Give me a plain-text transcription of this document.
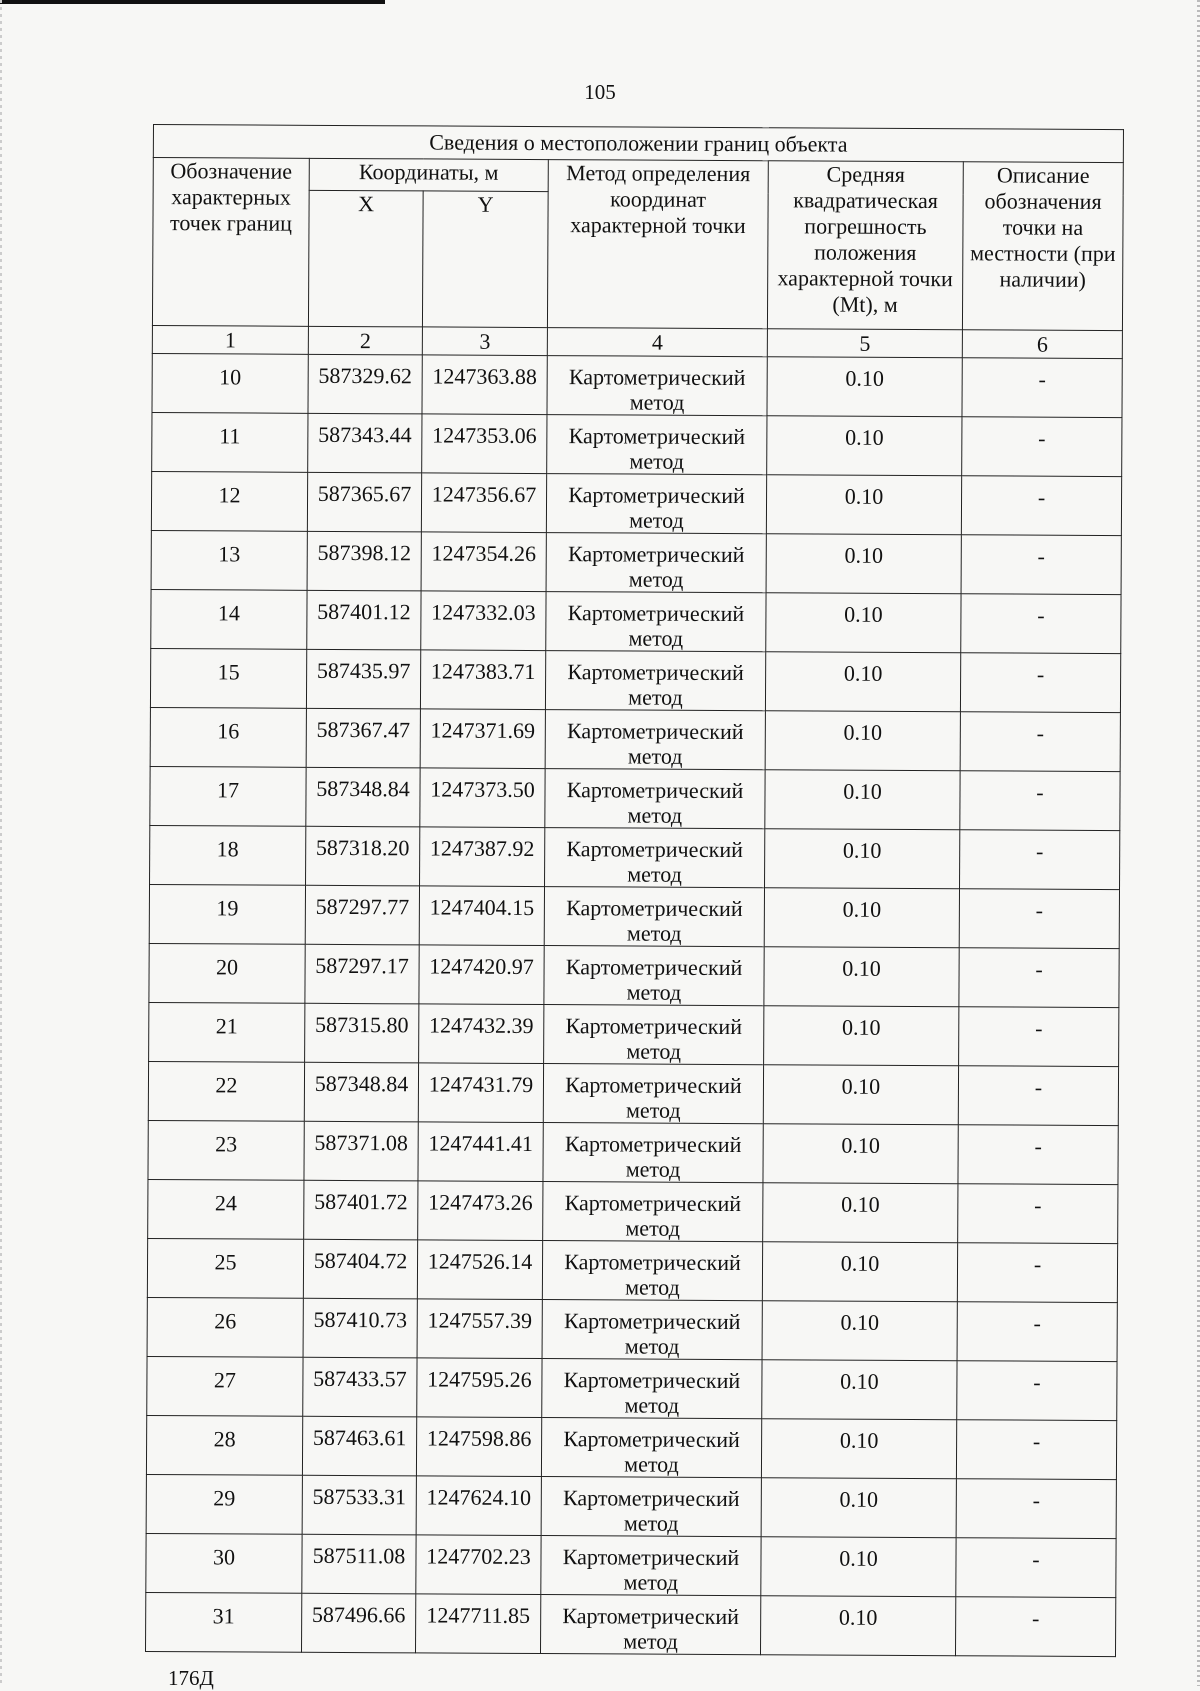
105
Сведения о местоположении границ объекта					
Обозначение характерных точек границ	Координаты, м		Метод определения координат характерной точки	Средняя квадратическая погрешность положения характерной точки (Mt), м	Описание обозначения точки на местности (при наличии)
	X	Y			
1	2	3	4	5	6
10	587329.62	1247363.88	Картометрический метод	0.10	-
11	587343.44	1247353.06	Картометрический метод	0.10	-
12	587365.67	1247356.67	Картометрический метод	0.10	-
13	587398.12	1247354.26	Картометрический метод	0.10	-
14	587401.12	1247332.03	Картометрический метод	0.10	-
15	587435.97	1247383.71	Картометрический метод	0.10	-
16	587367.47	1247371.69	Картометрический метод	0.10	-
17	587348.84	1247373.50	Картометрический метод	0.10	-
18	587318.20	1247387.92	Картометрический метод	0.10	-
19	587297.77	1247404.15	Картометрический метод	0.10	-
20	587297.17	1247420.97	Картометрический метод	0.10	-
21	587315.80	1247432.39	Картометрический метод	0.10	-
22	587348.84	1247431.79	Картометрический метод	0.10	-
23	587371.08	1247441.41	Картометрический метод	0.10	-
24	587401.72	1247473.26	Картометрический метод	0.10	-
25	587404.72	1247526.14	Картометрический метод	0.10	-
26	587410.73	1247557.39	Картометрический метод	0.10	-
27	587433.57	1247595.26	Картометрический метод	0.10	-
28	587463.61	1247598.86	Картометрический метод	0.10	-
29	587533.31	1247624.10	Картометрический метод	0.10	-
30	587511.08	1247702.23	Картометрический метод	0.10	-
31	587496.66	1247711.85	Картометрический метод	0.10	-
176Д
